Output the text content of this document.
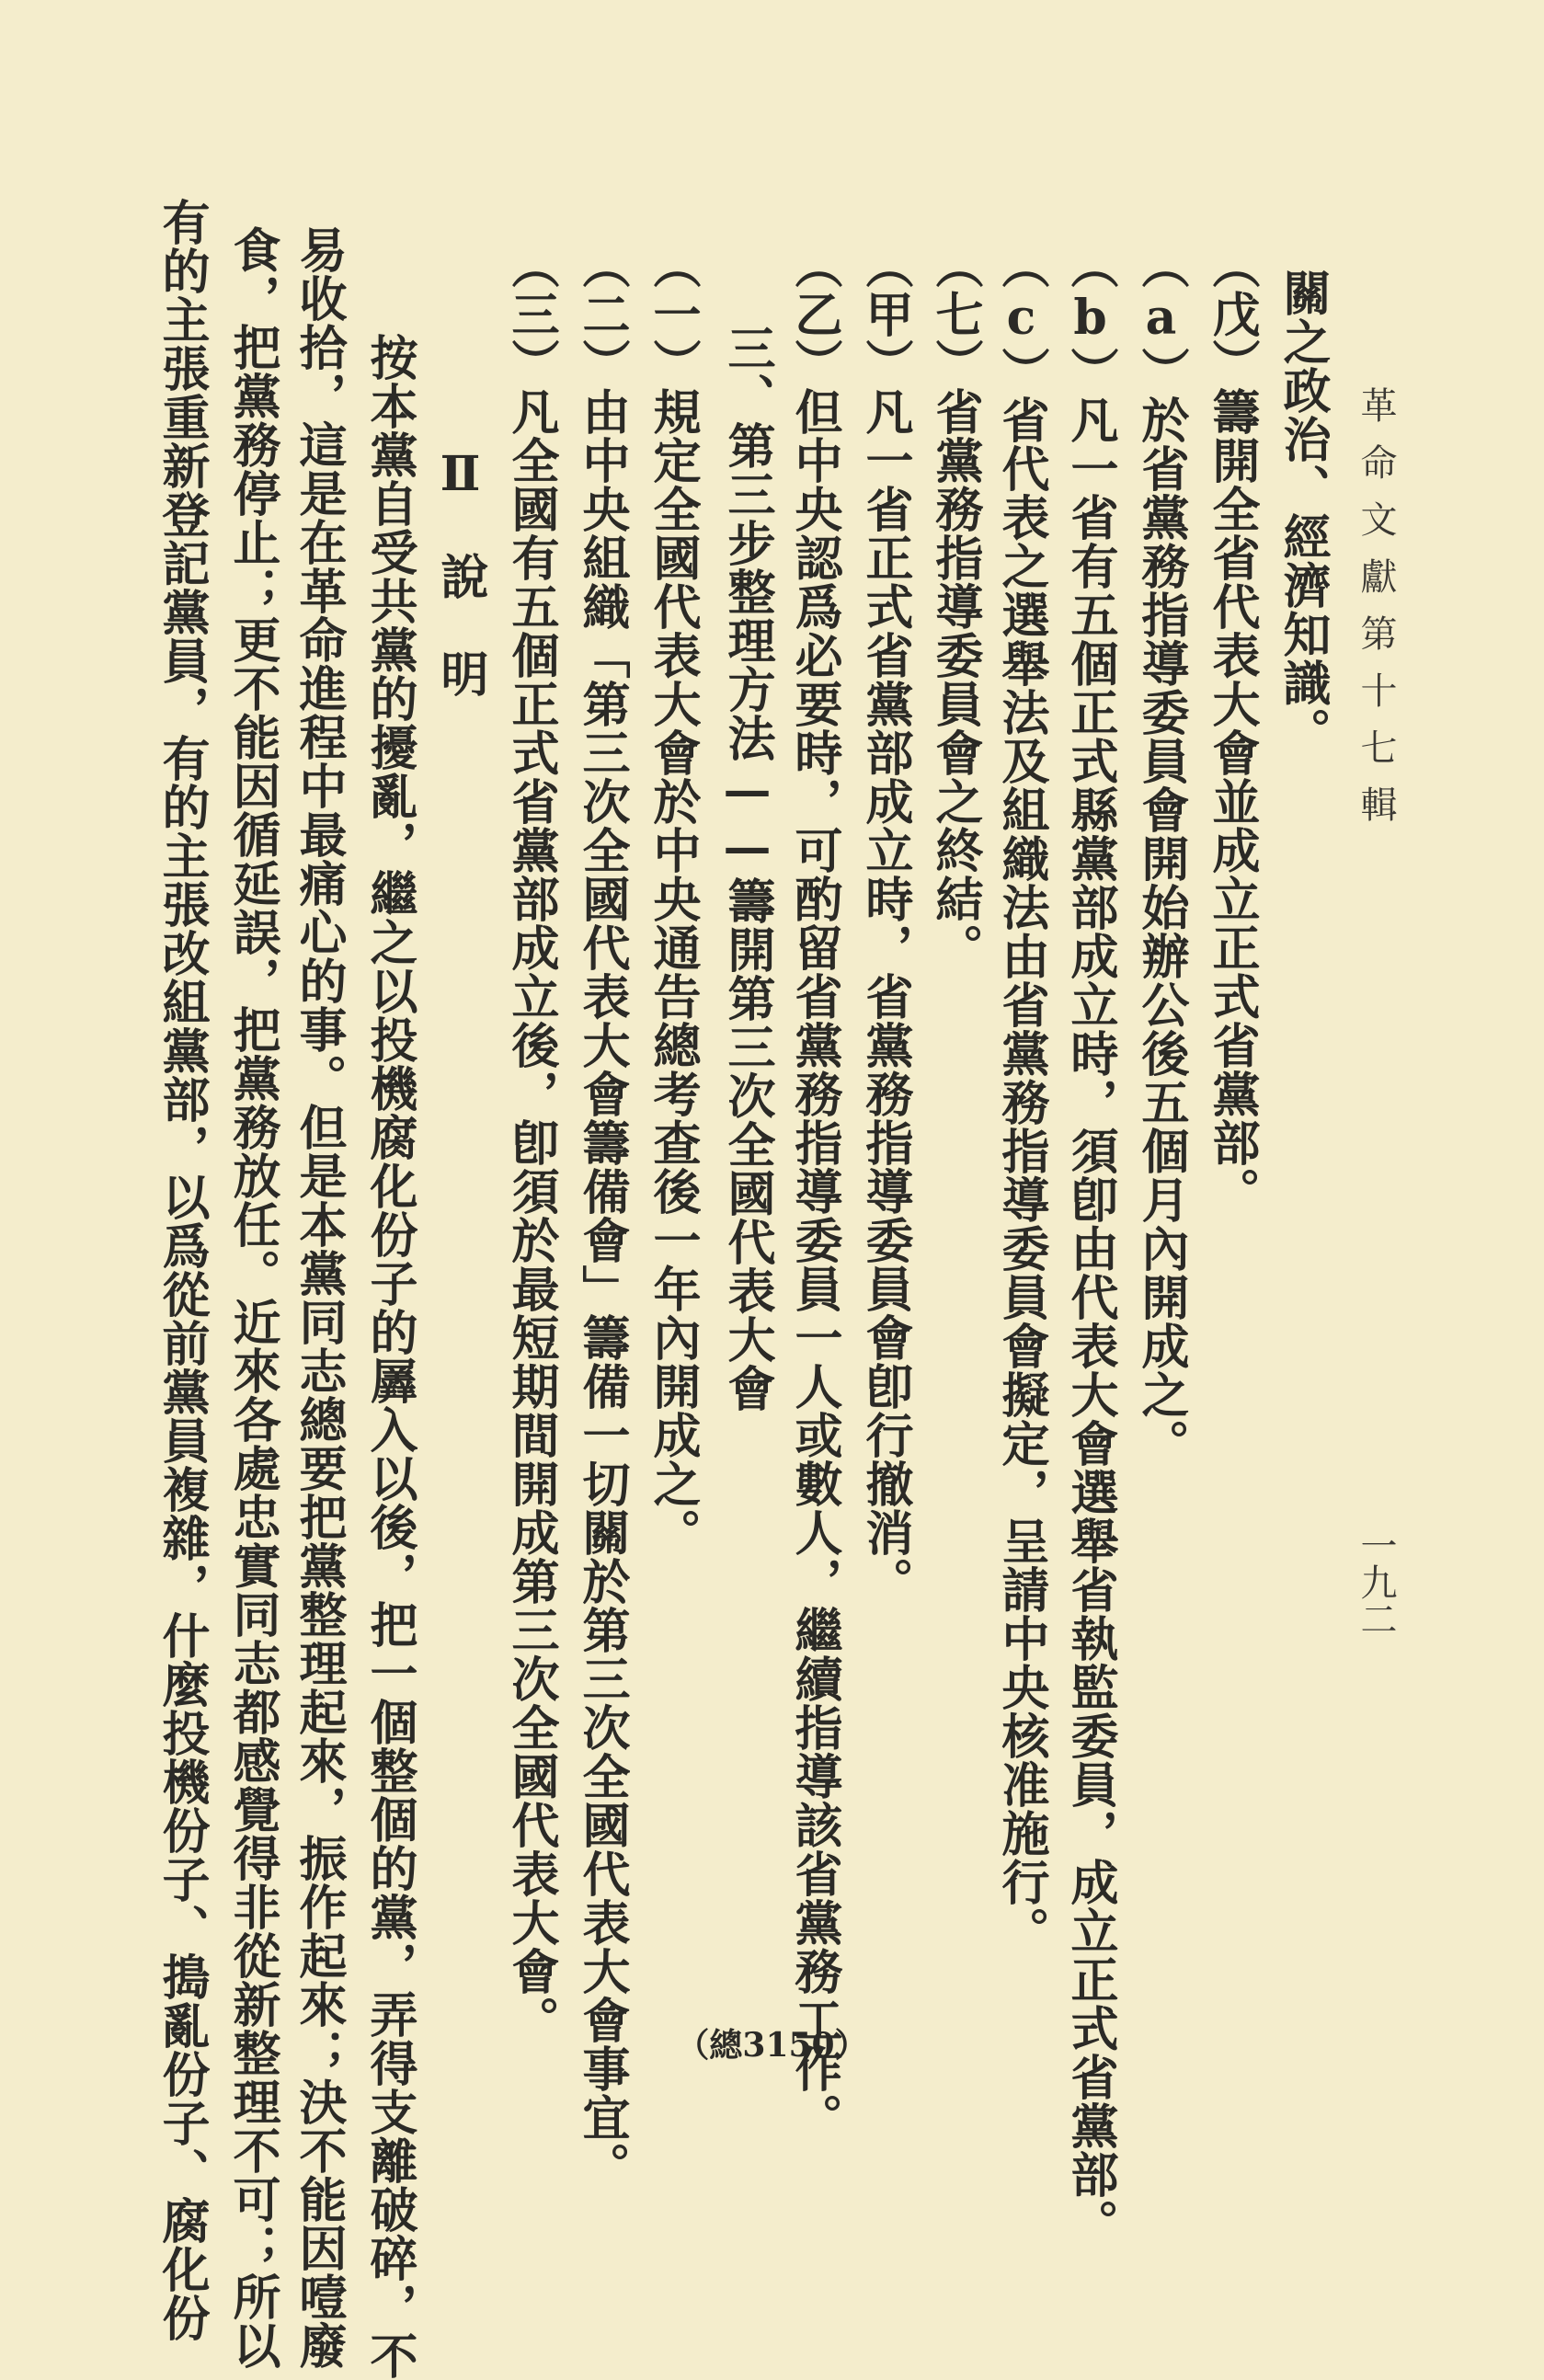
革命文獻第十七輯
一九二
關之政治、經濟知識。
（戊）籌開全省代表大會並成立正式省黨部。
（a）於省黨務指導委員會開始辦公後五個月內開成之。
（b）凡一省有五個正式縣黨部成立時，須卽由代表大會選舉省執監委員，成立正式省黨部。
（c）省代表之選舉法及組織法由省黨務指導委員會擬定，呈請中央核准施行。
（七）省黨務指導委員會之終結。
（甲）凡一省正式省黨部成立時，省黨務指導委員會卽行撤消。
（乙）但中央認爲必要時，可酌留省黨務指導委員一人或數人，繼續指導該省黨務工作。
三、第三步整理方法——籌開第三次全國代表大會
（一）規定全國代表大會於中央通告總考查後一年內開成之。
（二）由中央組織「第三次全國代表大會籌備會」籌備一切關於第三次全國代表大會事宜。
（三）凡全國有五個正式省黨部成立後，卽須於最短期間開成第三次全國代表大會。
Ⅱ　說　明
按本黨自受共黨的擾亂，繼之以投機腐化份子的羼入以後，把一個整個的黨，弄得支離破碎，不
易收拾，這是在革命進程中最痛心的事。但是本黨同志總要把黨整理起來，振作起來；決不能因噎廢
食，把黨務停止；更不能因循延誤，把黨務放任。近來各處忠實同志都感覺得非從新整理不可；所以
有的主張重新登記黨員，有的主張改組黨部，以爲從前黨員複雜，什麼投機份子、搗亂份子、腐化份	（總3150）
